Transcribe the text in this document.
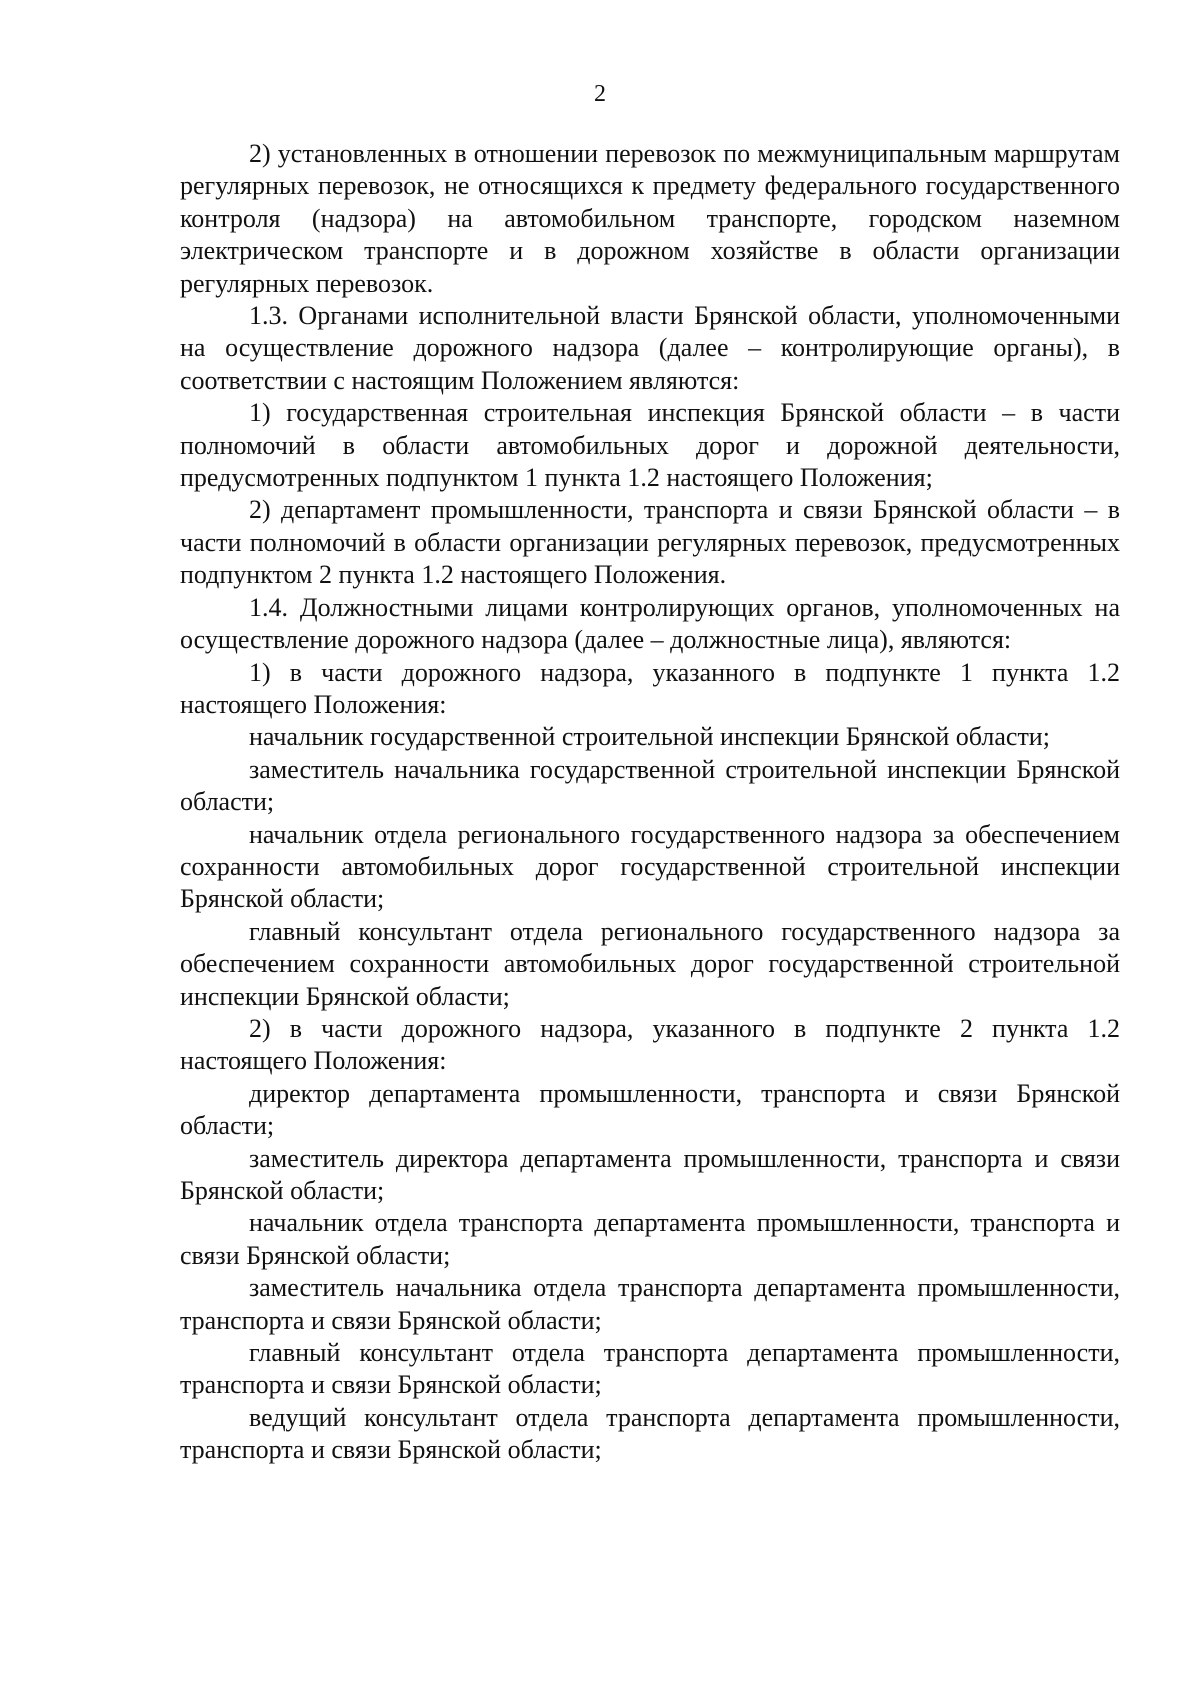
2

2) установленных в отношении перевозок по межмуниципальным маршрутам регулярных перевозок, не относящихся к предмету федерального государственного контроля (надзора) на автомобильном транспорте, городском наземном электрическом транспорте и в дорожном хозяйстве в области организации регулярных перевозок.

1.3. Органами исполнительной власти Брянской области, уполномоченными на осуществление дорожного надзора (далее – контролирующие органы), в соответствии с настоящим Положением являются:

1) государственная строительная инспекция Брянской области – в части полномочий в области автомобильных дорог и дорожной деятельности, предусмотренных подпунктом 1 пункта 1.2 настоящего Положения;

2) департамент промышленности, транспорта и связи Брянской области – в части полномочий в области организации регулярных перевозок, предусмотренных подпунктом 2 пункта 1.2 настоящего Положения.

1.4. Должностными лицами контролирующих органов, уполномоченных на осуществление дорожного надзора (далее – должностные лица), являются:

1) в части дорожного надзора, указанного в подпункте 1 пункта 1.2 настоящего Положения:

начальник государственной строительной инспекции Брянской области;

заместитель начальника государственной строительной инспекции Брянской области;

начальник отдела регионального государственного надзора за обеспечением сохранности автомобильных дорог государственной строительной инспекции Брянской области;

главный консультант отдела регионального государственного надзора за обеспечением сохранности автомобильных дорог государственной строительной инспекции Брянской области;

2) в части дорожного надзора, указанного в подпункте 2 пункта 1.2 настоящего Положения:

директор департамента промышленности, транспорта и связи Брянской области;

заместитель директора департамента промышленности, транспорта и связи Брянской области;

начальник отдела транспорта департамента промышленности, транспорта и связи Брянской области;

заместитель начальника отдела транспорта департамента промышленности, транспорта и связи Брянской области;

главный консультант отдела транспорта департамента промышленности, транспорта и связи Брянской области;

ведущий консультант отдела транспорта департамента промышленности, транспорта и связи Брянской области;
